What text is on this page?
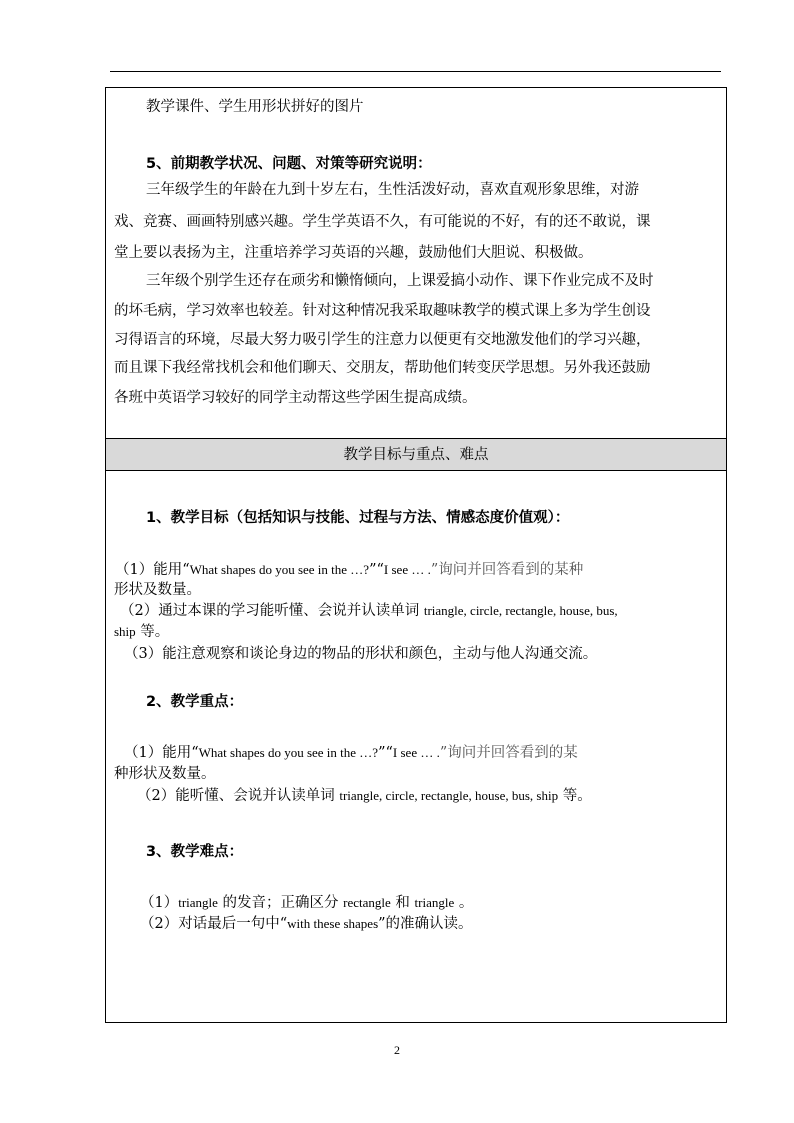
教学课件、学生用形状拼好的图片
5、前期教学状况、问题、对策等研究说明：
三年级学生的年龄在九到十岁左右，生性活泼好动，喜欢直观形象思维，对游
戏、竞赛、画画特别感兴趣。学生学英语不久，有可能说的不好，有的还不敢说，课
堂上要以表扬为主，注重培养学习英语的兴趣，鼓励他们大胆说、积极做。
三年级个别学生还存在顽劣和懒惰倾向，上课爱搞小动作、课下作业完成不及时
的坏毛病，学习效率也较差。针对这种情况我采取趣味教学的模式课上多为学生创设
习得语言的环境，尽最大努力吸引学生的注意力以便更有交地激发他们的学习兴趣，
而且课下我经常找机会和他们聊天、交朋友，帮助他们转变厌学思想。另外我还鼓励
各班中英语学习较好的同学主动帮这些学困生提高成绩。
教学目标与重点、难点
1、教学目标（包括知识与技能、过程与方法、情感态度价值观）：
（1）能用“What shapes do you see in the …?”“I see … .”询问并回答看到的某种
形状及数量。
（2）通过本课的学习能听懂、会说并认读单词 triangle, circle, rectangle, house, bus,
ship 等。
（3）能注意观察和谈论身边的物品的形状和颜色，主动与他人沟通交流。
2、教学重点：
（1）能用“What shapes do you see in the …?”“I see … .”询问并回答看到的某
种形状及数量。
（2）能听懂、会说并认读单词 triangle, circle, rectangle, house, bus, ship 等。
3、教学难点：
（1）triangle 的发音；正确区分 rectangle 和 triangle 。
（2）对话最后一句中“with these shapes”的准确认读。
2
